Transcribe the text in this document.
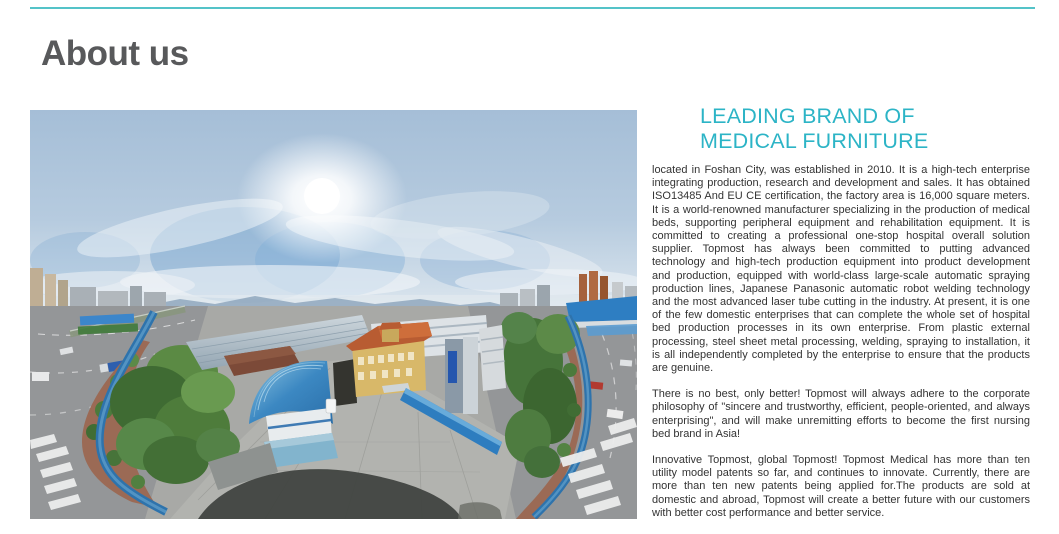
About us
LEADING BRAND OF
MEDICAL FURNITURE

located in Foshan City, was established in 2010. It is a high-tech enterprise integrating production, research and development and sales. It has obtained ISO13485 And EU CE certification, the factory area is 16,000 square meters. It is a world-renowned manufacturer specializing in the production of medical beds, supporting peripheral equipment and rehabilitation equipment. It is committed to creating a professional one-stop hospital overall solution supplier. Topmost has always been committed to putting advanced technology and high-tech production equipment into product development and production, equipped with world-class large-scale automatic spraying production lines, Japanese Panasonic automatic robot welding technology and the most advanced laser tube cutting in the industry. At present, it is one of the few domestic enterprises that can complete the whole set of hospital bed production processes in its own enterprise. From plastic external processing, steel sheet metal processing, welding, spraying to installation, it is all independently completed by the enterprise to ensure that the products are genuine.

There is no best, only better! Topmost will always adhere to the corporate philosophy of "sincere and trustworthy, efficient, people-oriented, and always enterprising", and will make unremitting efforts to become the first nursing bed brand in Asia!

Innovative Topmost, global Topmost! Topmost Medical has more than ten utility model patents so far, and continues to innovate. Currently, there are more than ten new patents being applied for.The products are sold at domestic and abroad, Topmost will create a better future with our customers with better cost performance and better service.
